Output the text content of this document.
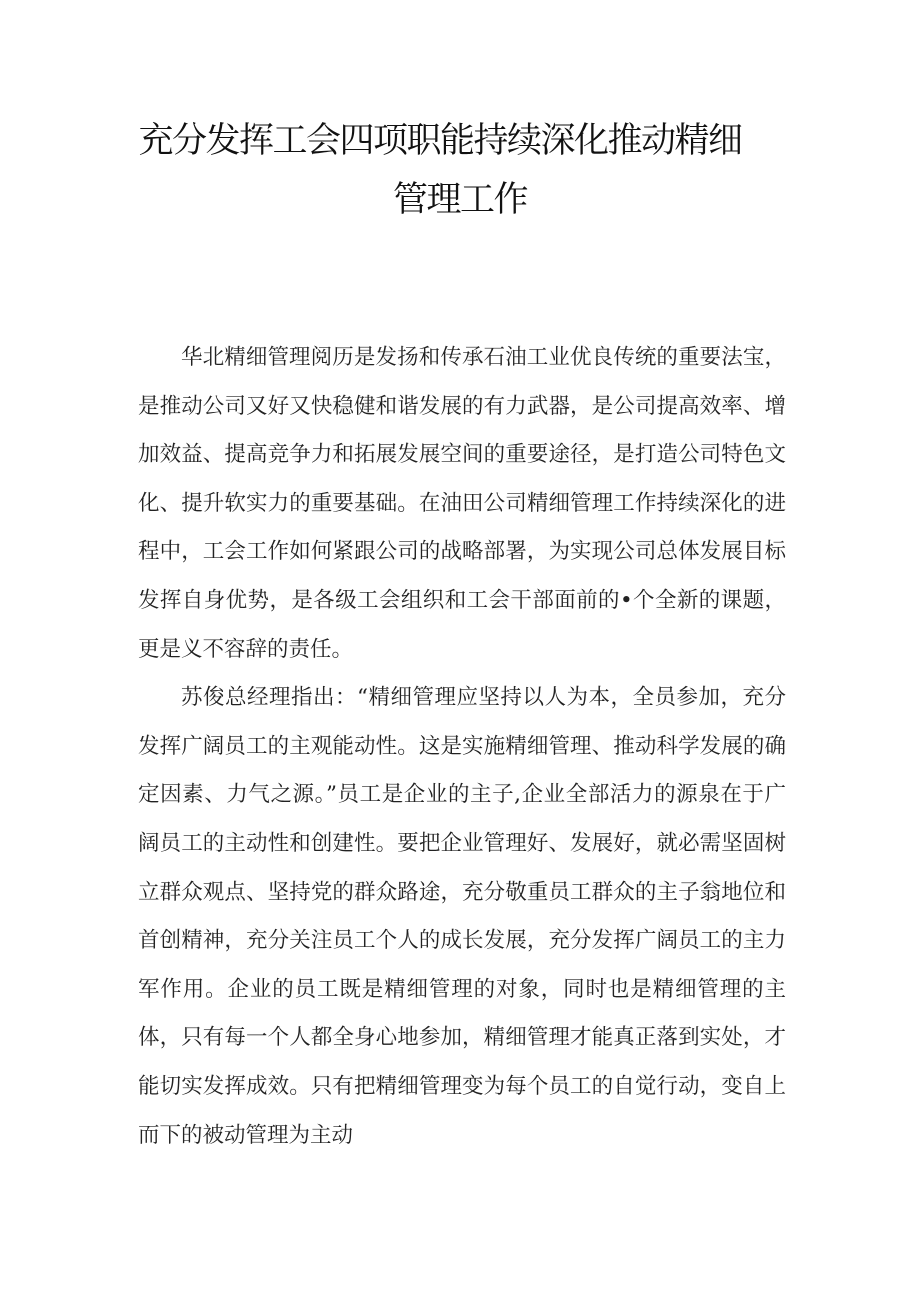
充分发挥工会四项职能持续深化推动精细
管理工作

华北精细管理阅历是发扬和传承石油工业优良传统的重要法宝，是推动公司又好又快稳健和谐发展的有力武器，是公司提高效率、增加效益、提高竞争力和拓展发展空间的重要途径，是打造公司特色文化、提升软实力的重要基础。在油田公司精细管理工作持续深化的进程中，工会工作如何紧跟公司的战略部署，为实现公司总体发展目标发挥自身优势，是各级工会组织和工会干部面前的•个全新的课题，更是义不容辞的责任。

苏俊总经理指出：“精细管理应坚持以人为本，全员参加，充分发挥广阔员工的主观能动性。这是实施精细管理、推动科学发展的确定因素、力气之源。”员工是企业的主子,企业全部活力的源泉在于广阔员工的主动性和创建性。要把企业管理好、发展好，就必需坚固树立群众观点、坚持党的群众路途，充分敬重员工群众的主子翁地位和首创精神，充分关注员工个人的成长发展，充分发挥广阔员工的主力军作用。企业的员工既是精细管理的对象，同时也是精细管理的主体，只有每一个人都全身心地参加，精细管理才能真正落到实处，才能切实发挥成效。只有把精细管理变为每个员工的自觉行动，变自上而下的被动管理为主动
